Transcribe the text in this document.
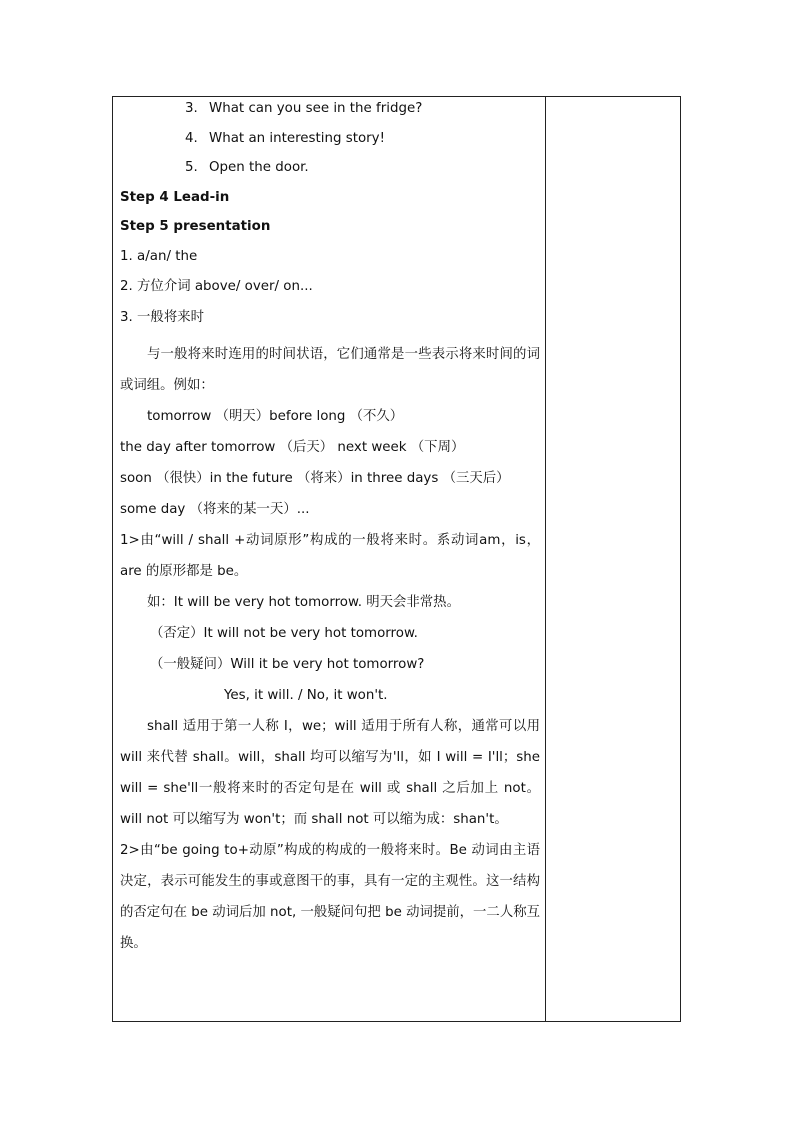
3. What can you see in the fridge?
4. What an interesting story!
5. Open the door.
Step 4 Lead-in
Step 5 presentation
1. a/an/ the
2. 方位介词 above/ over/ on...
3. 一般将来时
与一般将来时连用的时间状语，它们通常是一些表示将来时间的词或词组。例如：
tomorrow （明天）before long （不久）
the day after tomorrow （后天） next week （下周）
soon （很快）in the future （将来）in three days （三天后）
some day （将来的某一天）...
1>由“will / shall +动词原形”构成的一般将来时。系动词am，is，are 的原形都是 be。
如：It will be very hot tomorrow. 明天会非常热。
（否定）It will not be very hot tomorrow.
（一般疑问）Will it be very hot tomorrow?
Yes, it will. / No, it won't.
shall 适用于第一人称 I，we；will 适用于所有人称，通常可以用 will 来代替 shall。will，shall 均可以缩写为'll，如 I will = I'll；she will = she'll一般将来时的否定句是在 will 或 shall 之后加上 not。will not 可以缩写为 won't；而 shall not 可以缩为成：shan't。
2>由“be going to+动原”构成的构成的一般将来时。Be 动词由主语决定，表示可能发生的事或意图干的事，具有一定的主观性。这一结构的否定句在 be 动词后加 not, 一般疑问句把 be 动词提前，一二人称互换。
